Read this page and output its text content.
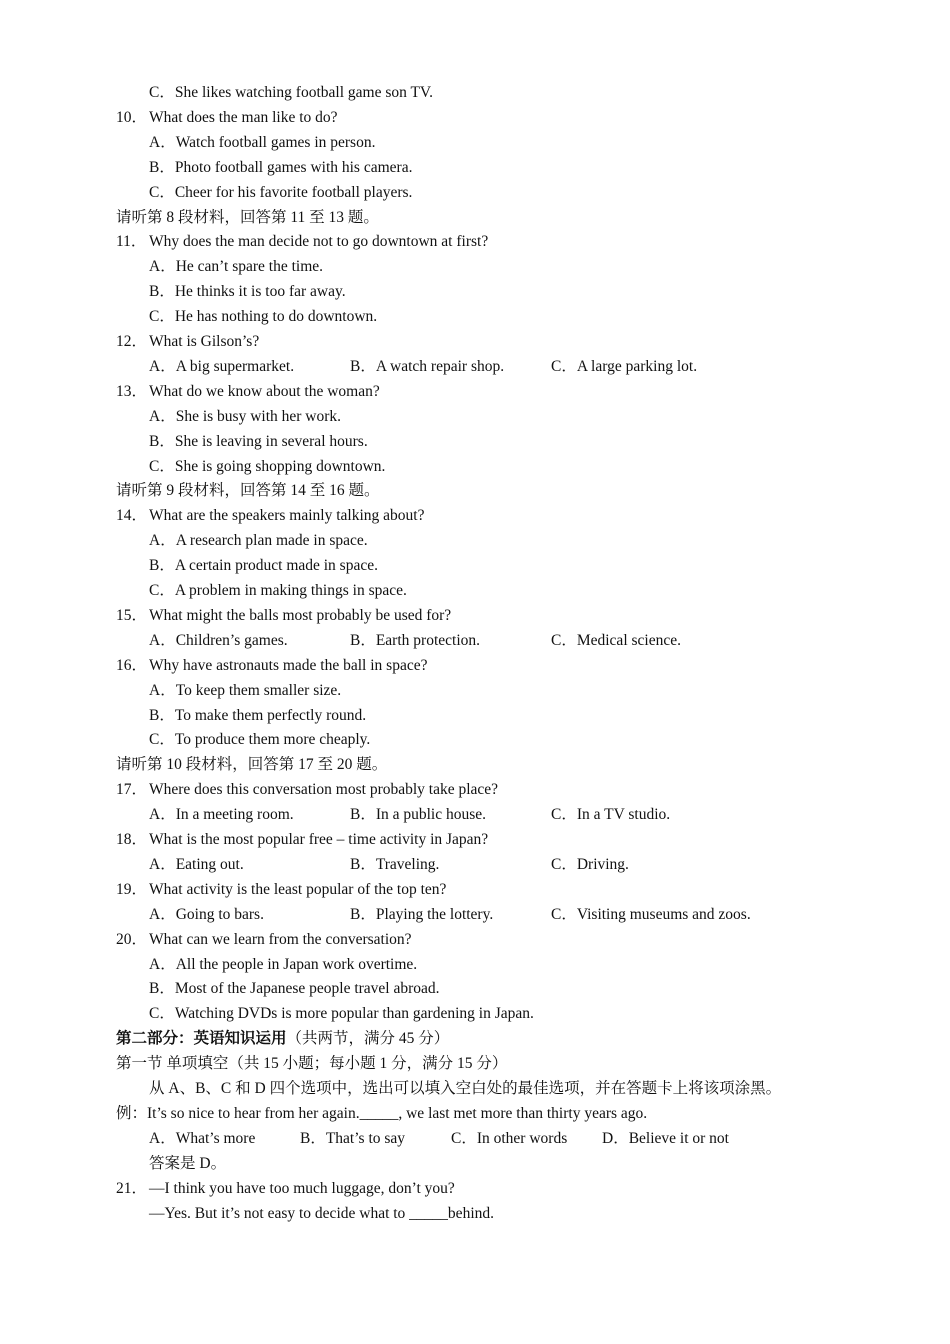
C．She likes watching football game son TV.
10． What does the man like to do?
A．Watch football games in person.
B．Photo football games with his camera.
C．Cheer for his favorite football players.
请听第 8 段材料，回答第 11 至 13 题。
11． Why does the man decide not to go downtown at first?
A．He can’t spare the time.
B．He thinks it is too far away.
C．He has nothing to do downtown.
12． What is Gilson’s?
A．A big supermarket.	B．A watch repair shop.	C．A large parking lot.
13． What do we know about the woman?
A．She is busy with her work.
B．She is leaving in several hours.
C．She is going shopping downtown.
请听第 9 段材料，回答第 14 至 16 题。
14． What are the speakers mainly talking about?
A．A research plan made in space.
B．A certain product made in space.
C．A problem in making things in space.
15． What might the balls most probably be used for?
A．Children’s games.	B．Earth protection.	C．Medical science.
16． Why have astronauts made the ball in space?
A．To keep them smaller size.
B．To make them perfectly round.
C．To produce them more cheaply.
请听第 10 段材料，回答第 17 至 20 题。
17． Where does this conversation most probably take place?
A．In a meeting room.	B．In a public house.	C．In a TV studio.
18． What is the most popular free – time activity in Japan?
A．Eating out.	B．Traveling.	C．Driving.
19． What activity is the least popular of the top ten?
A．Going to bars.	B．Playing the lottery.	C．Visiting museums and zoos.
20． What can we learn from the conversation?
A．All the people in Japan work overtime.
B．Most of the Japanese people travel abroad.
C．Watching DVDs is more popular than gardening in Japan.
第二部分：英语知识运用（共两节，满分 45 分）
第一节 单项填空（共 15 小题；每小题 1 分，满分 15 分）
从 A、B、C 和 D 四个选项中，选出可以填入空白处的最佳选项，并在答题卡上将该项涂黑。
例：It’s so nice to hear from her again._____, we last met more than thirty years ago.
A．What’s more	B．That’s to say	C．In other words D．Believe it or not
答案是 D。
21． —I think you have too much luggage, don’t you?
—Yes. But it’s not easy to decide what to _____behind.
